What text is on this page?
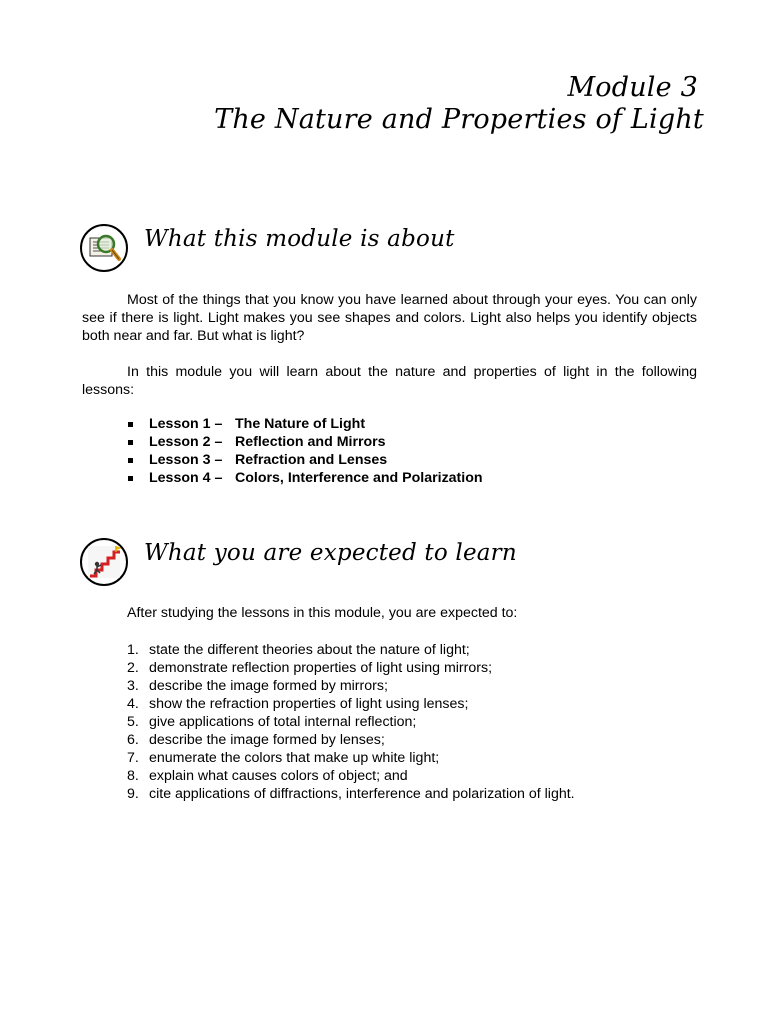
Module 3
The Nature and Properties of Light
What this module is about

Most of the things that you know you have learned about through your eyes. You can only see if there is light. Light makes you see shapes and colors. Light also helps you identify objects both near and far. But what is light?

In this module you will learn about the nature and properties of light in the following lessons:

Lesson 1 – The Nature of Light
Lesson 2 – Reflection and Mirrors
Lesson 3 – Refraction and Lenses
Lesson 4 – Colors, Interference and Polarization
What you are expected to learn

After studying the lessons in this module, you are expected to:

1. state the different theories about the nature of light;
2. demonstrate reflection properties of light using mirrors;
3. describe the image formed by mirrors;
4. show the refraction properties of light using lenses;
5. give applications of total internal reflection;
6. describe the image formed by lenses;
7. enumerate the colors that make up white light;
8. explain what causes colors of object; and
9. cite applications of diffractions, interference and polarization of light.
